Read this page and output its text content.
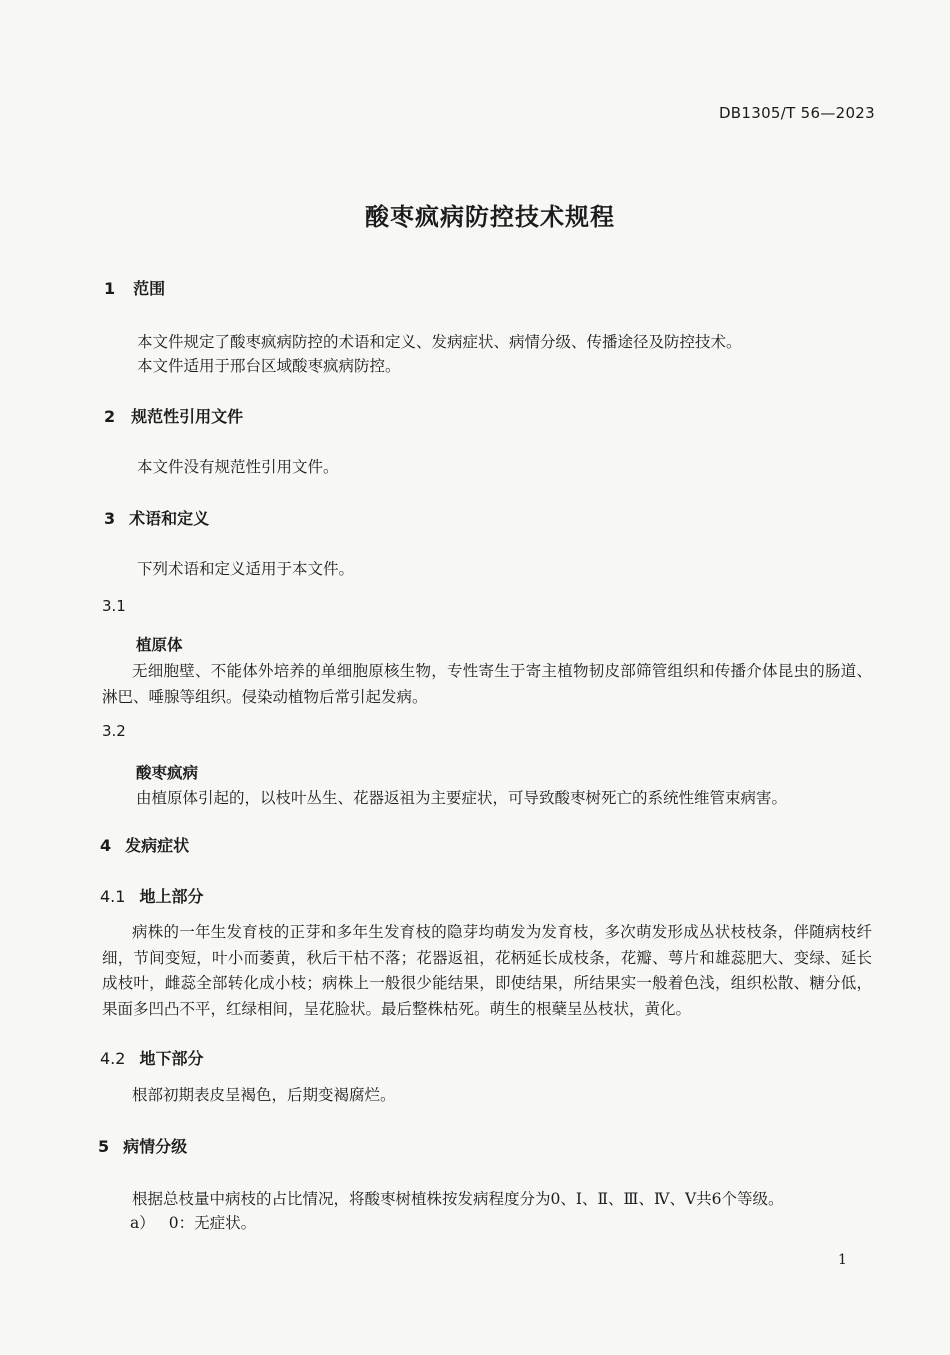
DB1305/T 56—2023
酸枣疯病防控技术规程
1 范围
本文件规定了酸枣疯病防控的术语和定义、发病症状、病情分级、传播途径及防控技术。
本文件适用于邢台区域酸枣疯病防控。
2 规范性引用文件
本文件没有规范性引用文件。
3 术语和定义
下列术语和定义适用于本文件。
3.1
植原体
无细胞壁、不能体外培养的单细胞原核生物，专性寄生于寄主植物韧皮部筛管组织和传播介体昆虫的肠道、淋巴、唾腺等组织。侵染动植物后常引起发病。
3.2
酸枣疯病
由植原体引起的，以枝叶丛生、花器返祖为主要症状，可导致酸枣树死亡的系统性维管束病害。
4 发病症状
4.1 地上部分
病株的一年生发育枝的正芽和多年生发育枝的隐芽均萌发为发育枝，多次萌发形成丛状枝枝条，伴随病枝纤细，节间变短，叶小而萎黄，秋后干枯不落；花器返祖，花柄延长成枝条，花瓣、萼片和雄蕊肥大、变绿、延长成枝叶，雌蕊全部转化成小枝；病株上一般很少能结果，即使结果，所结果实一般着色浅，组织松散、糖分低，果面多凹凸不平，红绿相间，呈花脸状。最后整株枯死。萌生的根蘖呈丛枝状，黄化。
4.2 地下部分
根部初期表皮呈褐色，后期变褐腐烂。
5 病情分级
根据总枝量中病枝的占比情况，将酸枣树植株按发病程度分为0、Ⅰ、Ⅱ、Ⅲ、Ⅳ、Ⅴ共6个等级。
a） 0：无症状。
1
